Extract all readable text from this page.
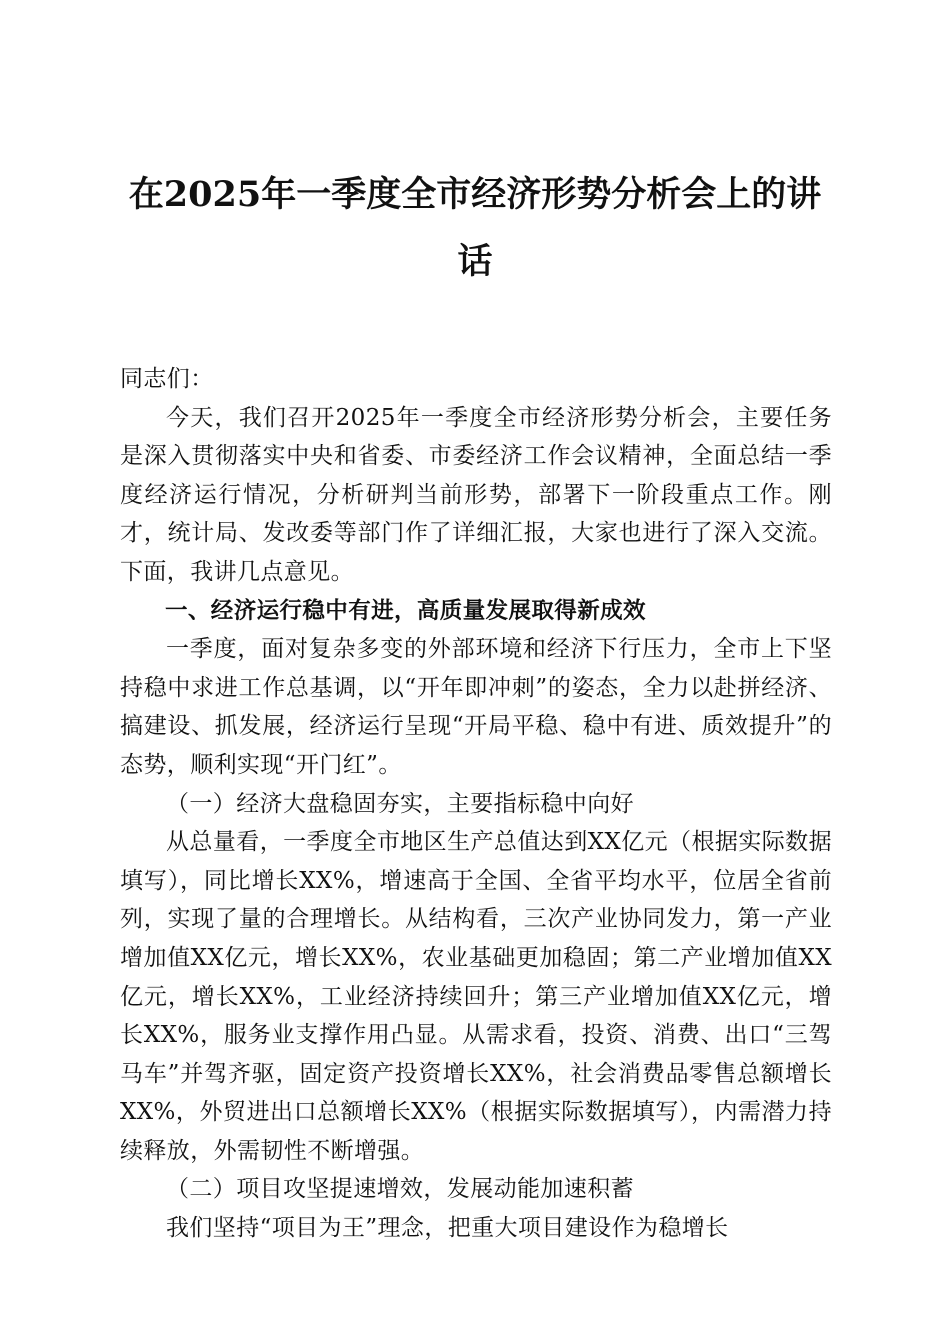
在2025年一季度全市经济形势分析会上的讲
话

同志们：

今天，我们召开2025年一季度全市经济形势分析会，主要任务是深入贯彻落实中央和省委、市委经济工作会议精神，全面总结一季度经济运行情况，分析研判当前形势，部署下一阶段重点工作。刚才，统计局、发改委等部门作了详细汇报，大家也进行了深入交流。下面，我讲几点意见。

一、经济运行稳中有进，高质量发展取得新成效

一季度，面对复杂多变的外部环境和经济下行压力，全市上下坚持稳中求进工作总基调，以“开年即冲刺”的姿态，全力以赴拼经济、搞建设、抓发展，经济运行呈现“开局平稳、稳中有进、质效提升”的态势，顺利实现“开门红”。

（一）经济大盘稳固夯实，主要指标稳中向好

从总量看，一季度全市地区生产总值达到XX亿元（根据实际数据填写），同比增长XX%，增速高于全国、全省平均水平，位居全省前列，实现了量的合理增长。从结构看，三次产业协同发力，第一产业增加值XX亿元，增长XX%，农业基础更加稳固；第二产业增加值XX亿元，增长XX%，工业经济持续回升；第三产业增加值XX亿元，增长XX%，服务业支撑作用凸显。从需求看，投资、消费、出口“三驾马车”并驾齐驱，固定资产投资增长XX%，社会消费品零售总额增长XX%，外贸进出口总额增长XX%（根据实际数据填写），内需潜力持续释放，外需韧性不断增强。

（二）项目攻坚提速增效，发展动能加速积蓄

我们坚持“项目为王”理念，把重大项目建设作为稳增长
